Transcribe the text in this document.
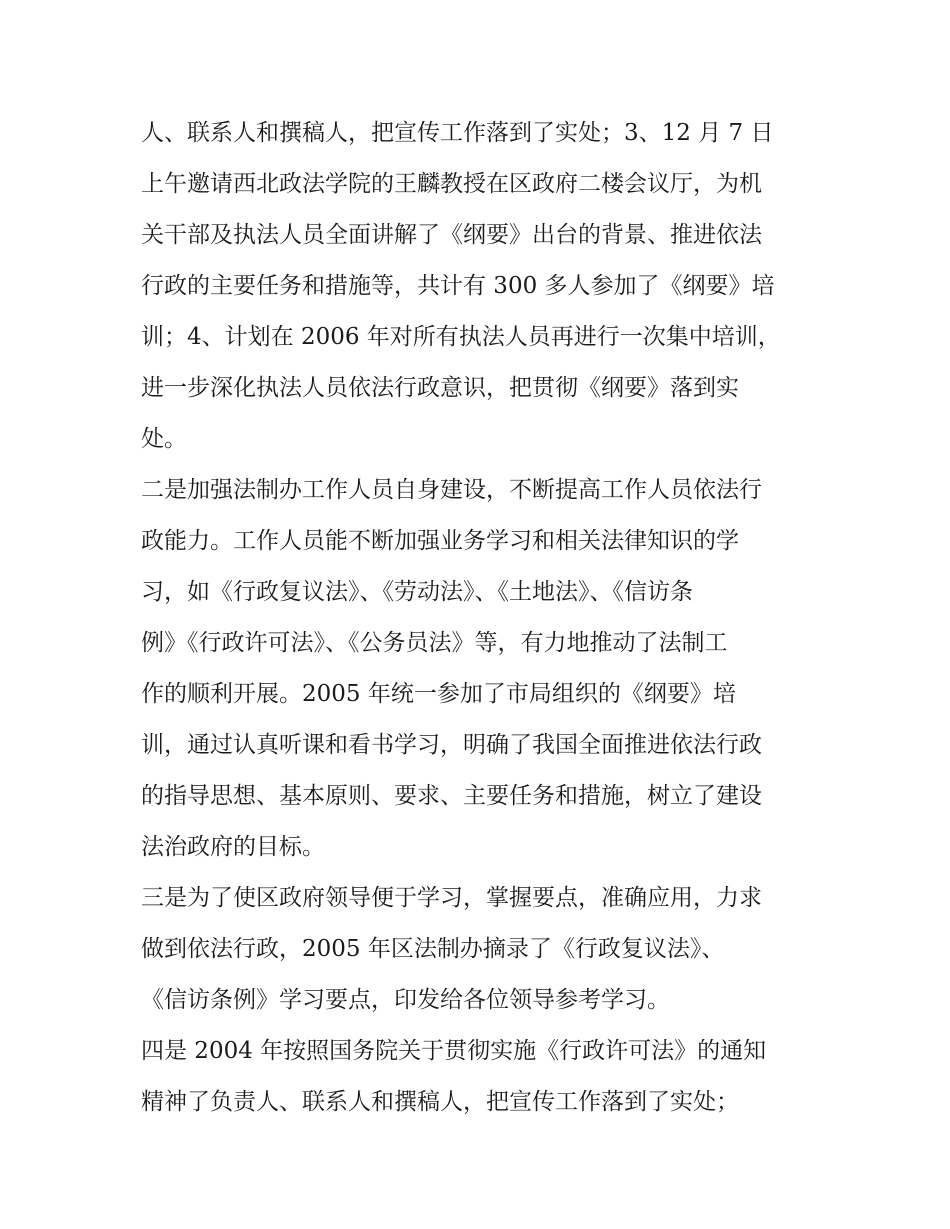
人、联系人和撰稿人，把宣传工作落到了实处；3、12 月 7 日
上午邀请西北政法学院的王麟教授在区政府二楼会议厅，为机
关干部及执法人员全面讲解了《纲要》出台的背景、推进依法
行政的主要任务和措施等，共计有 300 多人参加了《纲要》培
训；4、计划在 2006 年对所有执法人员再进行一次集中培训，
进一步深化执法人员依法行政意识，把贯彻《纲要》落到实
处。
二是加强法制办工作人员自身建设，不断提高工作人员依法行
政能力。工作人员能不断加强业务学习和相关法律知识的学
习，如《行政复议法》、《劳动法》、《土地法》、《信访条
例》《行政许可法》、《公务员法》等，有力地推动了法制工
作的顺利开展。2005 年统一参加了市局组织的《纲要》培
训，通过认真听课和看书学习，明确了我国全面推进依法行政
的指导思想、基本原则、要求、主要任务和措施，树立了建设
法治政府的目标。
三是为了使区政府领导便于学习，掌握要点，准确应用，力求
做到依法行政，2005 年区法制办摘录了《行政复议法》、
《信访条例》学习要点，印发给各位领导参考学习。
四是 2004 年按照国务院关于贯彻实施《行政许可法》的通知
精神了负责人、联系人和撰稿人，把宣传工作落到了实处；
